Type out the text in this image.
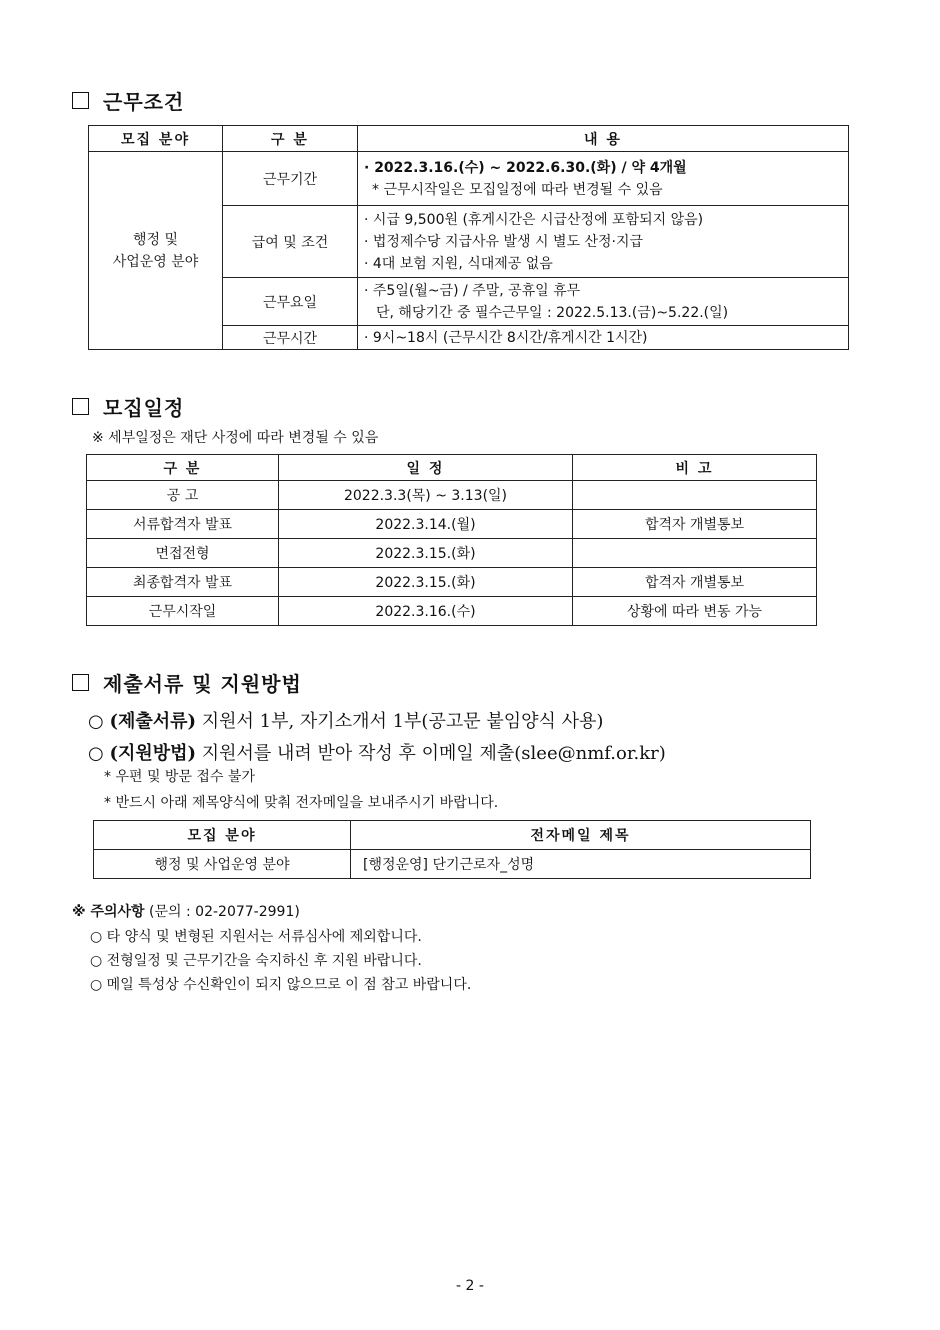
근무조건
모집 분야	구 분	내 용

행정 및
사업운영 분야	근무기간	· 2022.3.16.(수) ~ 2022.6.30.(화) / 약 4개월
* 근무시작일은 모집일정에 따라 변경될 수 있음

	급여 및 조건	· 시급 9,500원 (휴게시간은 시급산정에 포함되지 않음)
· 법정제수당 지급사유 발생 시 별도 산정·지급
· 4대 보험 지원, 식대제공 없음

	근무요일	· 주5일(월~금) / 주말, 공휴일 휴무
단, 해당기간 중 필수근무일 : 2022.5.13.(금)~5.22.(일)

	근무시간	· 9시~18시 (근무시간 8시간/휴게시간 1시간)
모집일정
※ 세부일정은 재단 사정에 따라 변경될 수 있음
구 분	일 정	비 고
공 고	2022.3.3(목) ~ 3.13(일)	
서류합격자 발표	2022.3.14.(월)	합격자 개별통보
면접전형	2022.3.15.(화)	
최종합격자 발표	2022.3.15.(화)	합격자 개별통보
근무시작일	2022.3.16.(수)	상황에 따라 변동 가능
제출서류 및 지원방법
○ (제출서류) 지원서 1부, 자기소개서 1부(공고문 붙임양식 사용)
○ (지원방법) 지원서를 내려 받아 작성 후 이메일 제출(slee@nmf.or.kr)
* 우편 및 방문 접수 불가
* 반드시 아래 제목양식에 맞춰 전자메일을 보내주시기 바랍니다.
모집 분야	전자메일 제목
행정 및 사업운영 분야	[행정운영] 단기근로자_성명
※ 주의사항 (문의 : 02-2077-2991)
○ 타 양식 및 변형된 지원서는 서류심사에 제외합니다.
○ 전형일정 및 근무기간을 숙지하신 후 지원 바랍니다.
○ 메일 특성상 수신확인이 되지 않으므로 이 점 참고 바랍니다.
- 2 -
